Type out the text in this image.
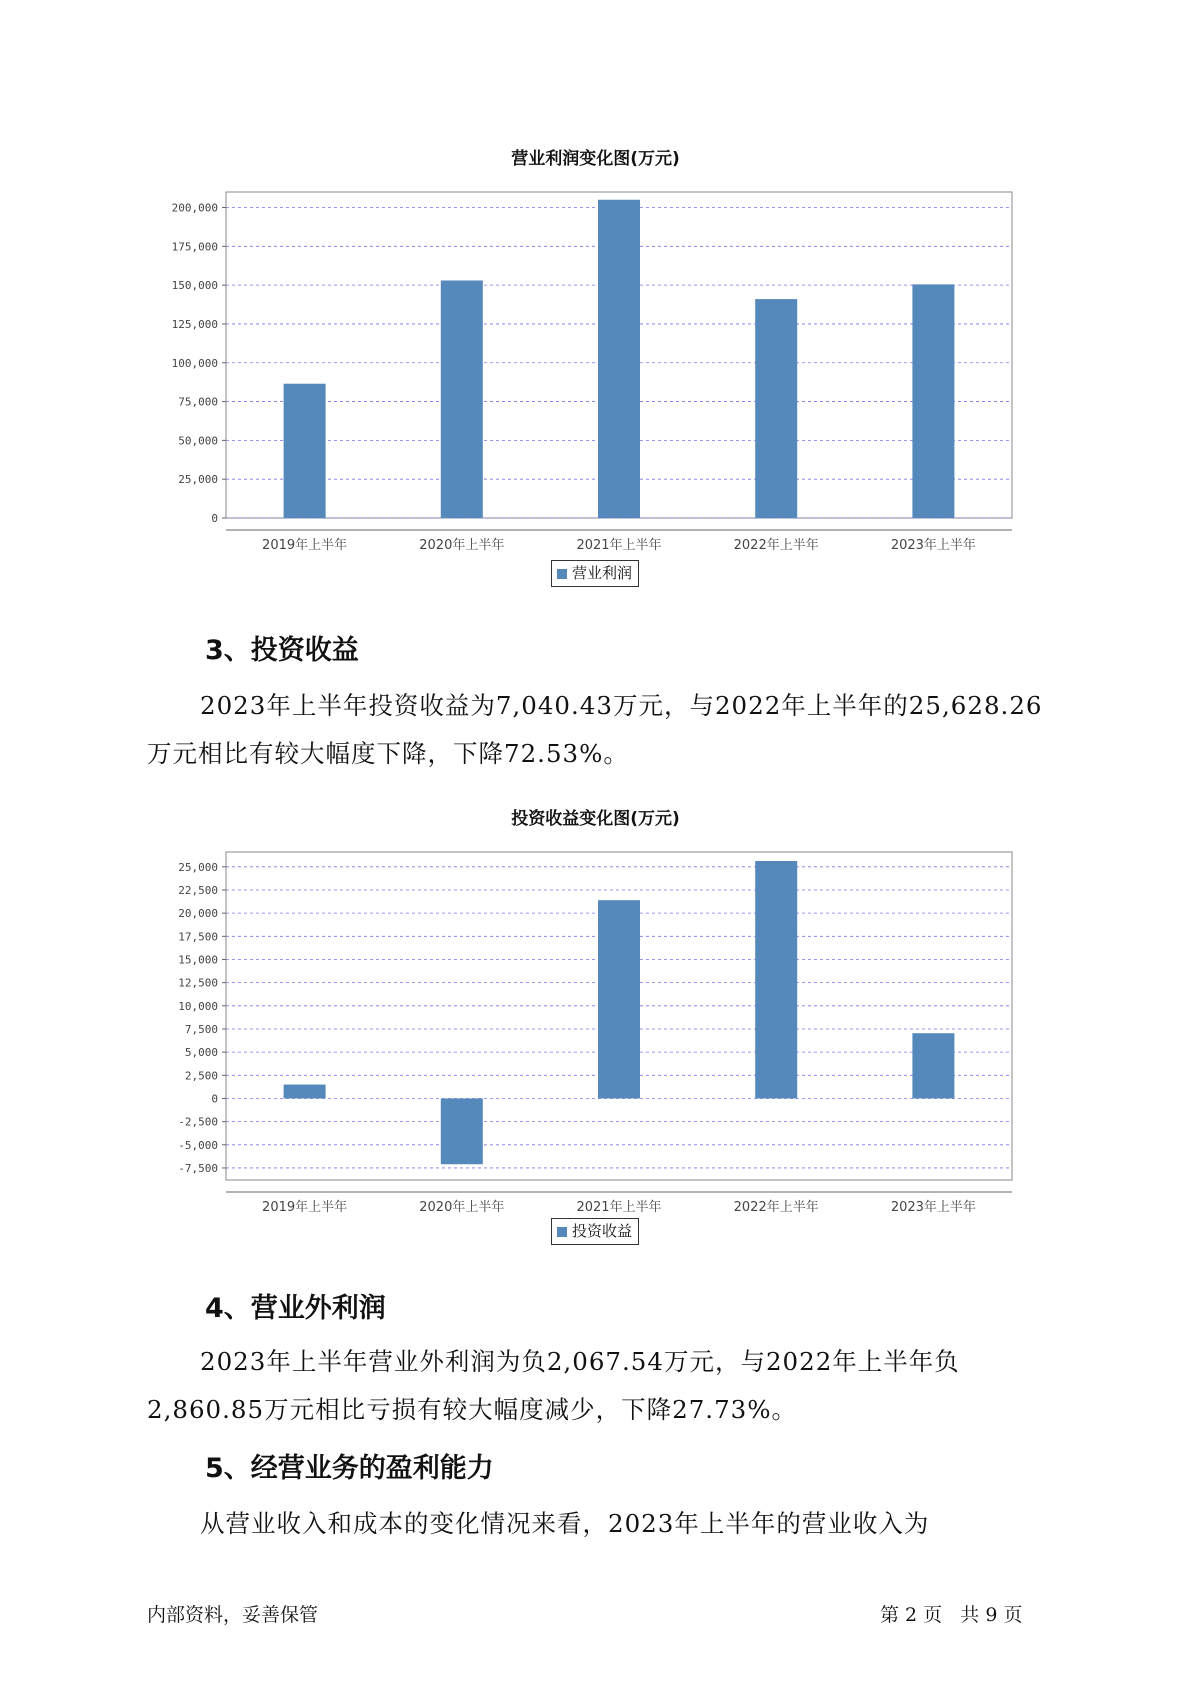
营业利润变化图(万元)
0
25,000
50,000
75,000
100,000
125,000
150,000
175,000
200,000
2019年上半年	2020年上半年	2021年上半年	2022年上半年	2023年上半年
营业利润
3、投资收益
2023年上半年投资收益为7,040.43万元，与2022年上半年的25,628.26万元相比有较大幅度下降，下降72.53%。
投资收益变化图(万元)
-7,500
-5,000
-2,500
0
2,500
5,000
7,500
10,000
12,500
15,000
17,500
20,000
22,500
25,000
2019年上半年	2020年上半年	2021年上半年	2022年上半年	2023年上半年
投资收益
4、营业外利润
2023年上半年营业外利润为负2,067.54万元，与2022年上半年负2,860.85万元相比亏损有较大幅度减少，下降27.73%。
5、经营业务的盈利能力
从营业收入和成本的变化情况来看，2023年上半年的营业收入为
内部资料，妥善保管	第 2 页   共 9 页
